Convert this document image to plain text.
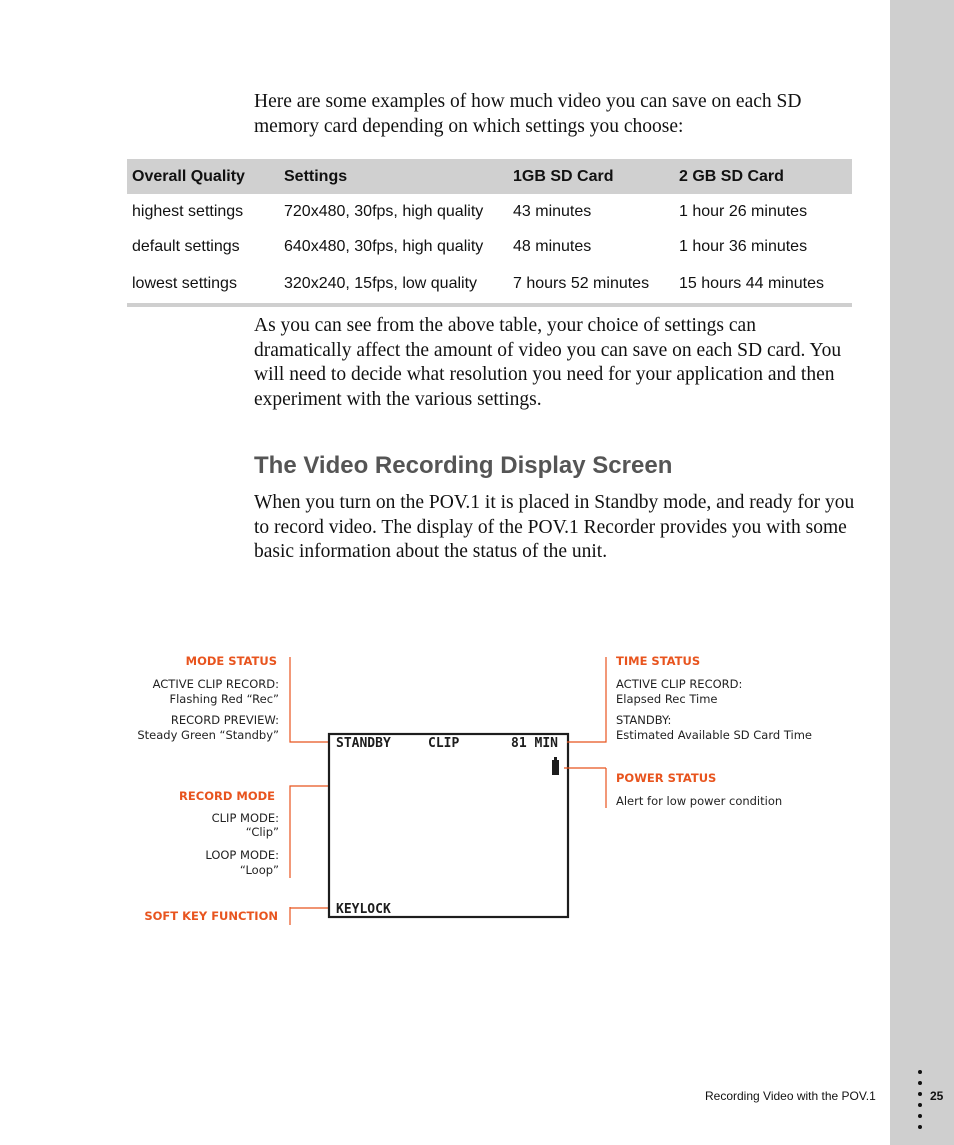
Here are some examples of how much video you can save on each SD memory card depending on which settings you choose:

Overall Quality	Settings	1GB SD Card	2 GB SD Card
highest settings	720x480, 30fps, high quality	43 minutes	1 hour 26 minutes
default settings	640x480, 30fps, high quality	48 minutes	1 hour 36 minutes
lowest settings	320x240, 15fps, low quality	7 hours 52 minutes	15 hours 44 minutes

As you can see from the above table, your choice of settings can dramatically affect the amount of video you can save on each SD card. You will need to decide what resolution you need for your application and then experiment with the various settings.

The Video Recording Display Screen

When you turn on the POV.1 it is placed in Standby mode, and ready for you to record video. The display of the POV.1 Recorder provides you with some basic information about the status of the unit.

MODE STATUS
ACTIVE CLIP RECORD:
Flashing Red “Rec”
RECORD PREVIEW:
Steady Green “Standby”
RECORD MODE
CLIP MODE:
“Clip”
LOOP MODE:
“Loop”
SOFT KEY FUNCTION
STANDBY	CLIP	81 MIN
KEYLOCK
TIME STATUS
ACTIVE CLIP RECORD:
Elapsed Rec Time
STANDBY:
Estimated Available SD Card Time
POWER STATUS
Alert for low power condition
Recording Video with the POV.1	25
